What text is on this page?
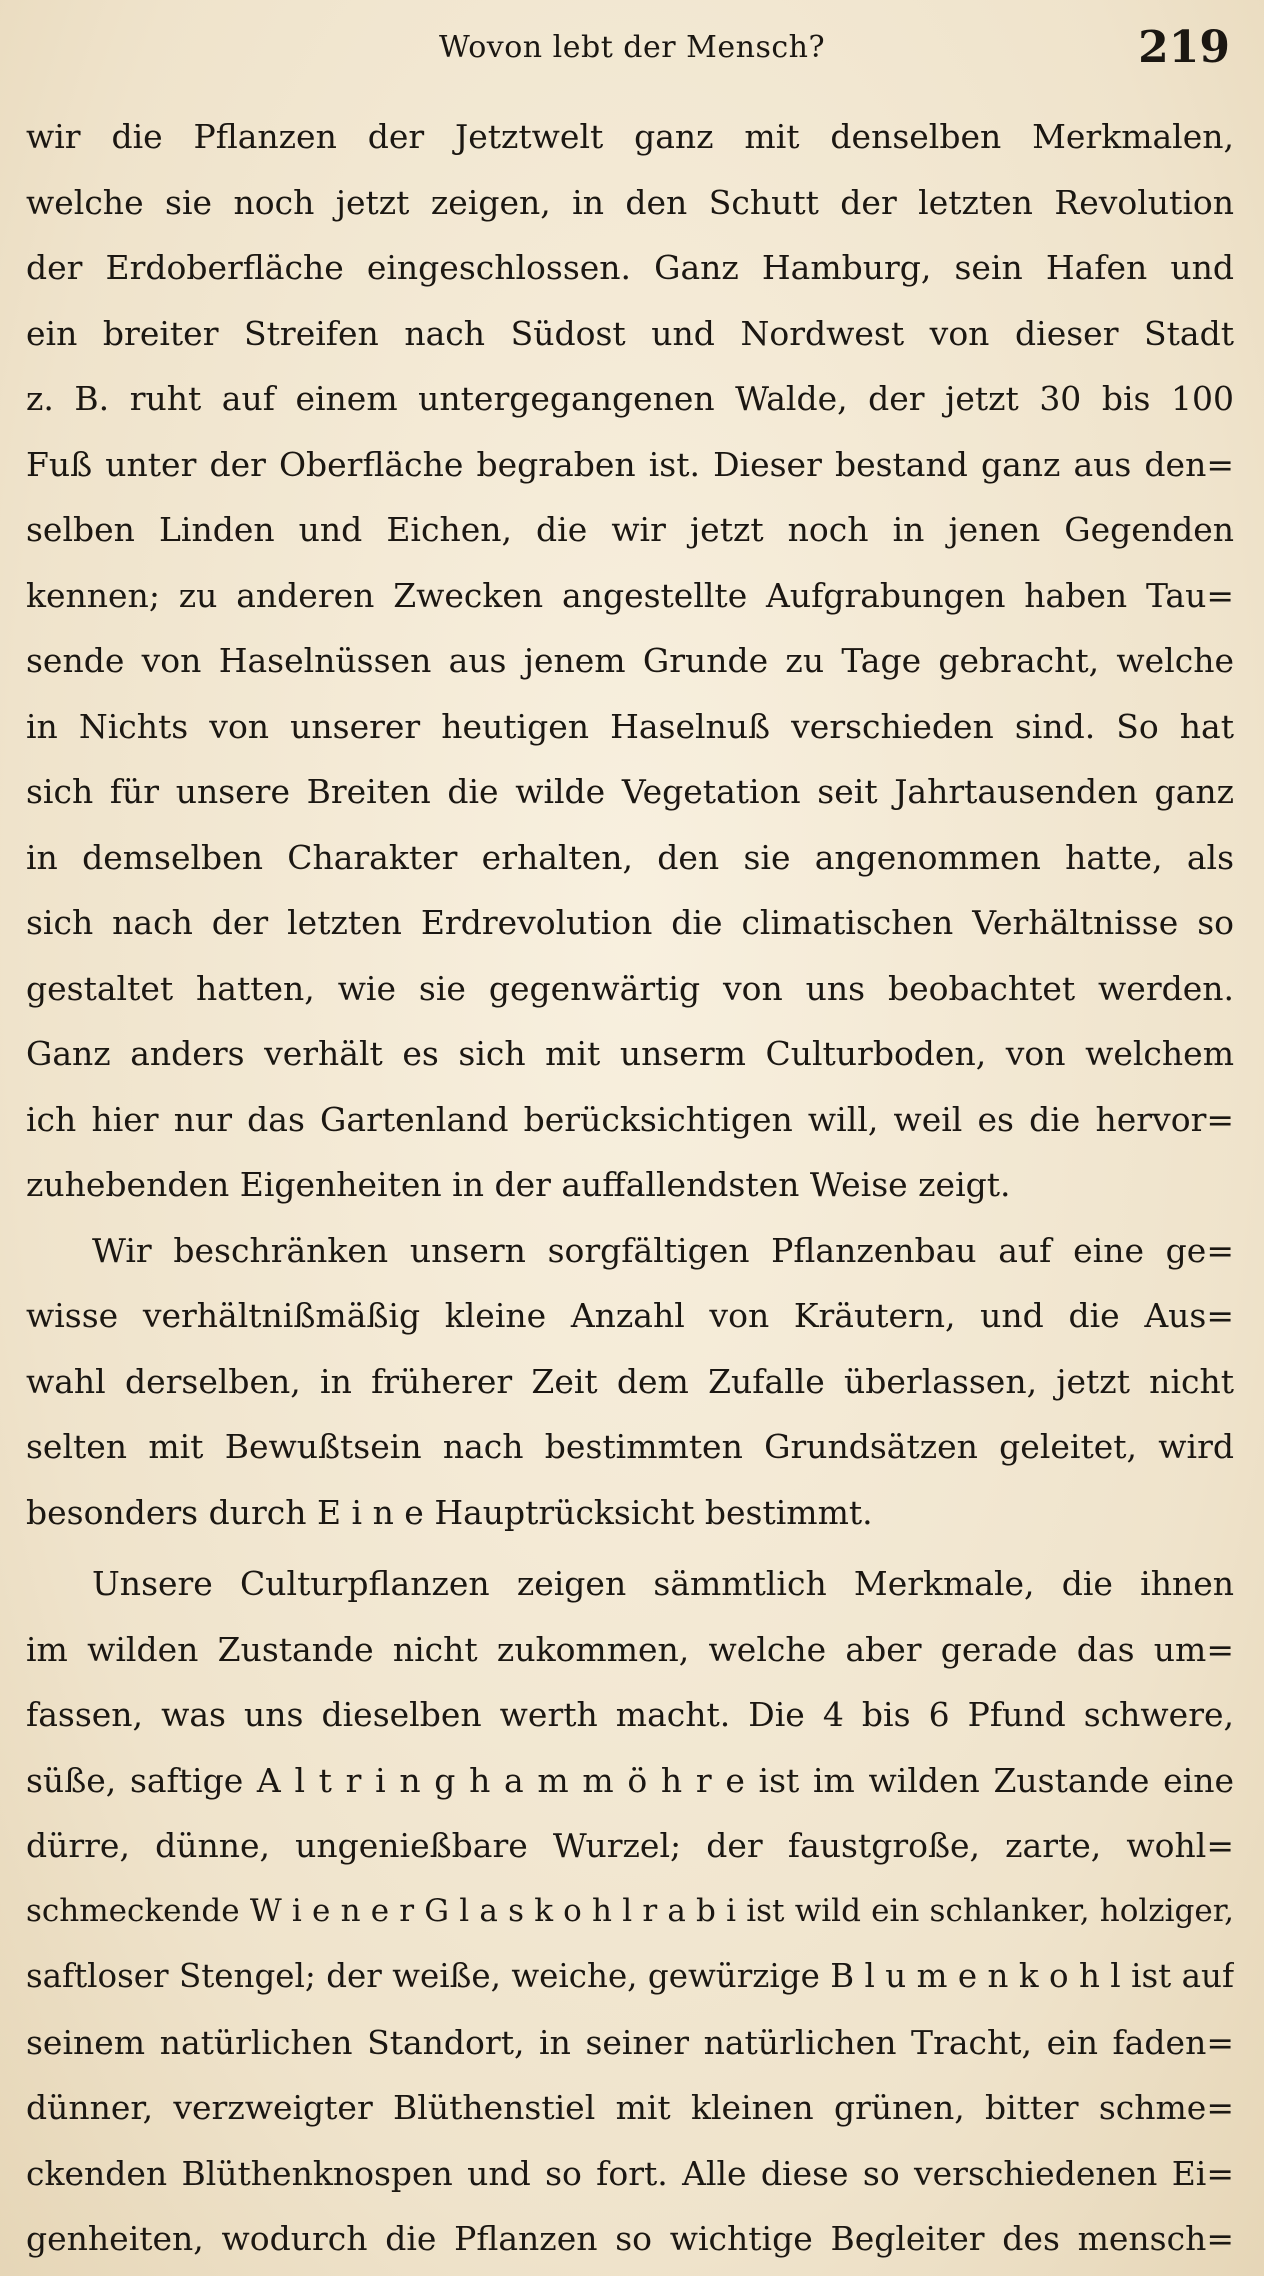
Wovon lebt der Mensch?	219
wir die Pflanzen der Jetztwelt ganz mit denselben Merkmalen,
welche sie noch jetzt zeigen, in den Schutt der letzten Revolution
der Erdoberfläche eingeschlossen. Ganz Hamburg, sein Hafen und
ein breiter Streifen nach Südost und Nordwest von dieser Stadt
z. B. ruht auf einem untergegangenen Walde, der jetzt 30 bis 100
Fuß unter der Oberfläche begraben ist. Dieser bestand ganz aus den=
selben Linden und Eichen, die wir jetzt noch in jenen Gegenden
kennen; zu anderen Zwecken angestellte Aufgrabungen haben Tau=
sende von Haselnüssen aus jenem Grunde zu Tage gebracht, welche
in Nichts von unserer heutigen Haselnuß verschieden sind. So hat
sich für unsere Breiten die wilde Vegetation seit Jahrtausenden ganz
in demselben Charakter erhalten, den sie angenommen hatte, als
sich nach der letzten Erdrevolution die climatischen Verhältnisse so
gestaltet hatten, wie sie gegenwärtig von uns beobachtet werden.
Ganz anders verhält es sich mit unserm Culturboden, von welchem
ich hier nur das Gartenland berücksichtigen will, weil es die hervor=
zuhebenden Eigenheiten in der auffallendsten Weise zeigt.
Wir beschränken unsern sorgfältigen Pflanzenbau auf eine ge=
wisse verhältnißmäßig kleine Anzahl von Kräutern, und die Aus=
wahl derselben, in früherer Zeit dem Zufalle überlassen, jetzt nicht
selten mit Bewußtsein nach bestimmten Grundsätzen geleitet, wird
besonders durch E i n e Hauptrücksicht bestimmt.
Unsere Culturpflanzen zeigen sämmtlich Merkmale, die ihnen
im wilden Zustande nicht zukommen, welche aber gerade das um=
fassen, was uns dieselben werth macht. Die 4 bis 6 Pfund schwere,
süße, saftige A l t r i n g h a m m ö h r e ist im wilden Zustande eine
dürre, dünne, ungenießbare Wurzel; der faustgroße, zarte, wohl=
schmeckende W i e n e r G l a s k o h l r a b i ist wild ein schlanker, holziger,
saftloser Stengel; der weiße, weiche, gewürzige B l u m e n k o h l ist auf
seinem natürlichen Standort, in seiner natürlichen Tracht, ein faden=
dünner, verzweigter Blüthenstiel mit kleinen grünen, bitter schme=
ckenden Blüthenknospen und so fort. Alle diese so verschiedenen Ei=
genheiten, wodurch die Pflanzen so wichtige Begleiter des mensch=
